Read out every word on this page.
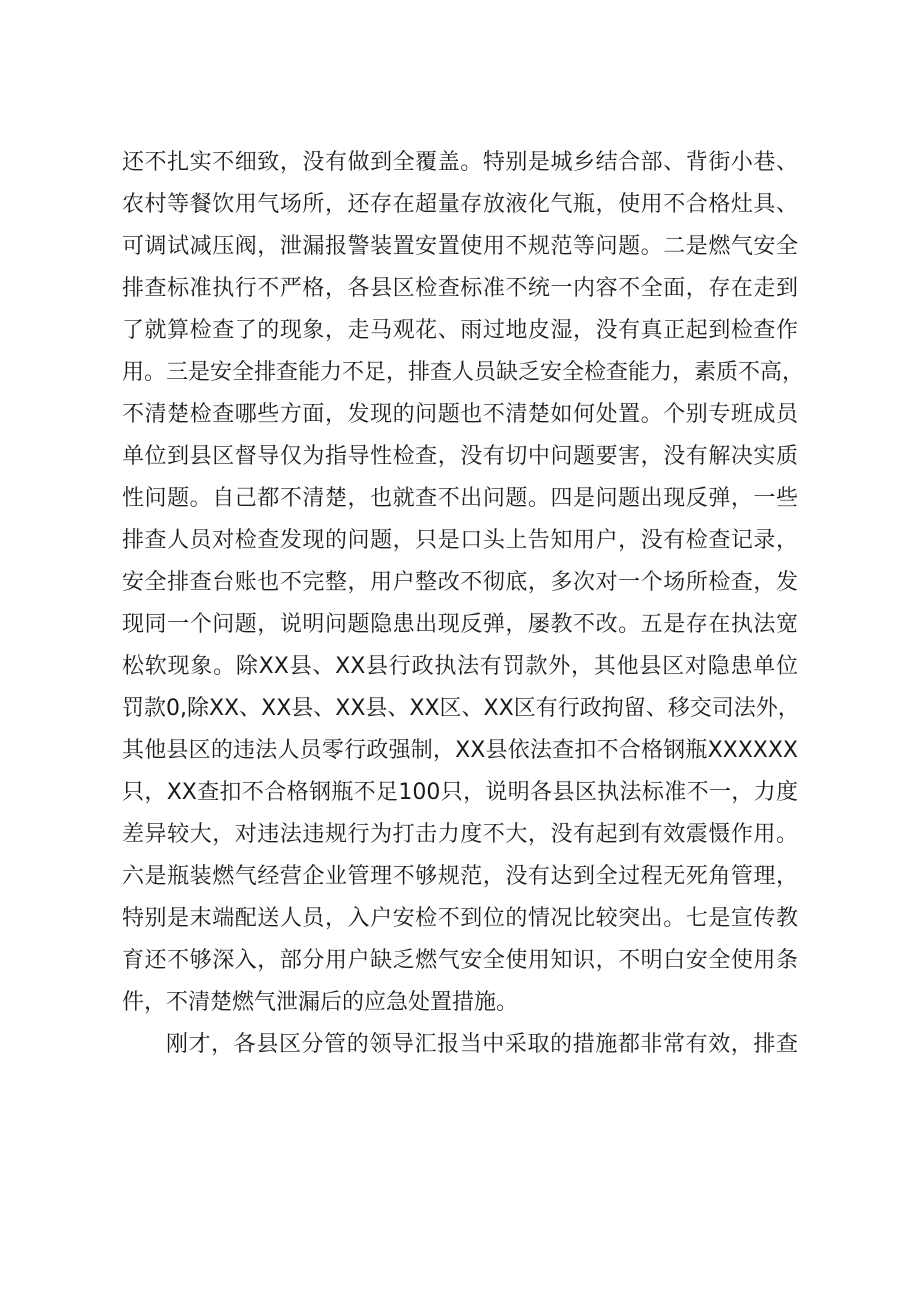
还不扎实不细致，没有做到全覆盖。特别是城乡结合部、背街小巷、
农村等餐饮用气场所，还存在超量存放液化气瓶，使用不合格灶具、
可调试减压阀，泄漏报警装置安置使用不规范等问题。二是燃气安全
排查标准执行不严格，各县区检查标准不统一内容不全面，存在走到
了就算检查了的现象，走马观花、雨过地皮湿，没有真正起到检查作
用。三是安全排查能力不足，排查人员缺乏安全检查能力，素质不高，
不清楚检查哪些方面，发现的问题也不清楚如何处置。个别专班成员
单位到县区督导仅为指导性检查，没有切中问题要害，没有解决实质
性问题。自己都不清楚，也就查不出问题。四是问题出现反弹，一些
排查人员对检查发现的问题，只是口头上告知用户，没有检查记录，
安全排查台账也不完整，用户整改不彻底，多次对一个场所检查，发
现同一个问题，说明问题隐患出现反弹，屡教不改。五是存在执法宽
松软现象。除XX县、XX县行政执法有罚款外，其他县区对隐患单位
罚款0,除XX、XX县、XX县、XX区、XX区有行政拘留、移交司法外，
其他县区的违法人员零行政强制，XX县依法查扣不合格钢瓶XXXXXX
只，XX查扣不合格钢瓶不足100只，说明各县区执法标准不一，力度
差异较大，对违法违规行为打击力度不大，没有起到有效震慑作用。
六是瓶装燃气经营企业管理不够规范，没有达到全过程无死角管理，
特别是末端配送人员，入户安检不到位的情况比较突出。七是宣传教
育还不够深入，部分用户缺乏燃气安全使用知识，不明白安全使用条
件，不清楚燃气泄漏后的应急处置措施。
刚才，各县区分管的领导汇报当中采取的措施都非常有效，排查
